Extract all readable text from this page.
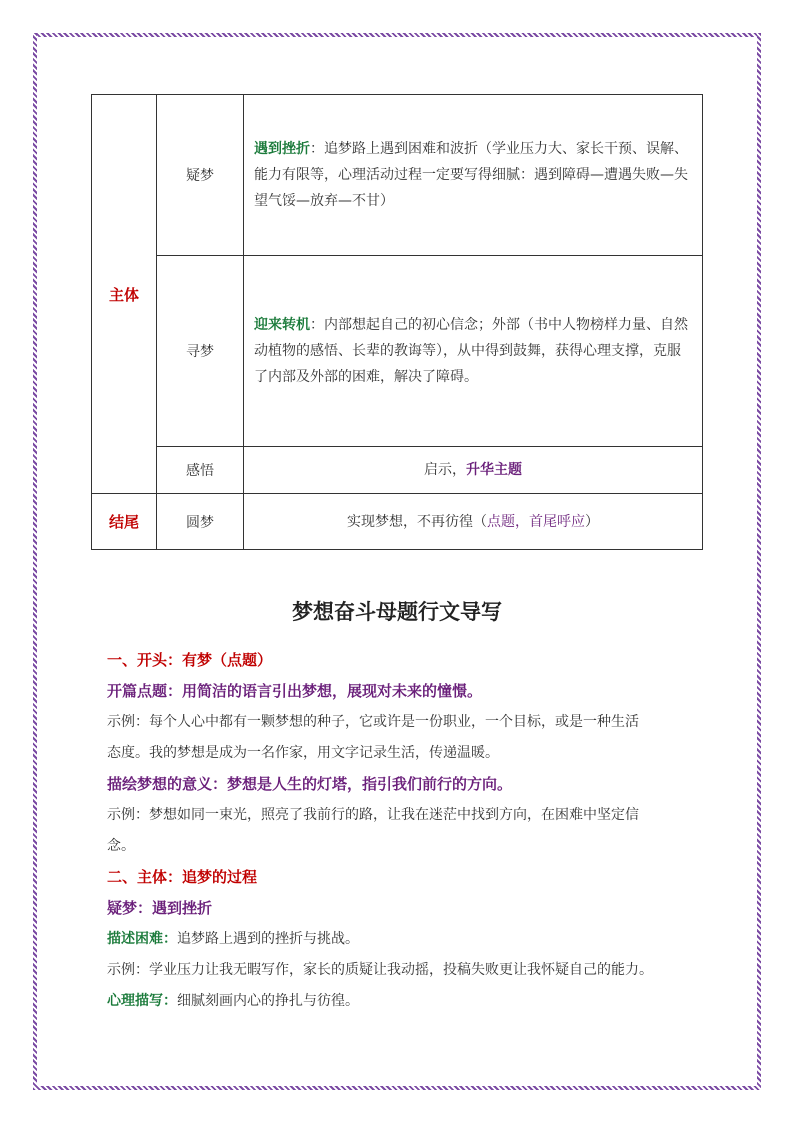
主体	疑梦	遇到挫折：追梦路上遇到困难和波折（学业压力大、家长干预、误解、能力有限等，心理活动过程一定要写得细腻：遇到障碍—遭遇失败—失望气馁—放弃—不甘）
	寻梦	迎来转机：内部想起自己的初心信念；外部（书中人物榜样力量、自然动植物的感悟、长辈的教诲等），从中得到鼓舞，获得心理支撑，克服了内部及外部的困难，解决了障碍。
	感悟	启示，升华主题
结尾	圆梦	实现梦想，不再彷徨（点题，首尾呼应）
梦想奋斗母题行文导写

一、开头：有梦（点题）

开篇点题：用简洁的语言引出梦想，展现对未来的憧憬。

示例：每个人心中都有一颗梦想的种子，它或许是一份职业，一个目标，或是一种生活

态度。我的梦想是成为一名作家，用文字记录生活，传递温暖。

描绘梦想的意义：梦想是人生的灯塔，指引我们前行的方向。

示例：梦想如同一束光，照亮了我前行的路，让我在迷茫中找到方向，在困难中坚定信

念。

二、主体：追梦的过程

疑梦：遇到挫折

描述困难：追梦路上遇到的挫折与挑战。

示例：学业压力让我无暇写作，家长的质疑让我动摇，投稿失败更让我怀疑自己的能力。

心理描写：细腻刻画内心的挣扎与彷徨。
